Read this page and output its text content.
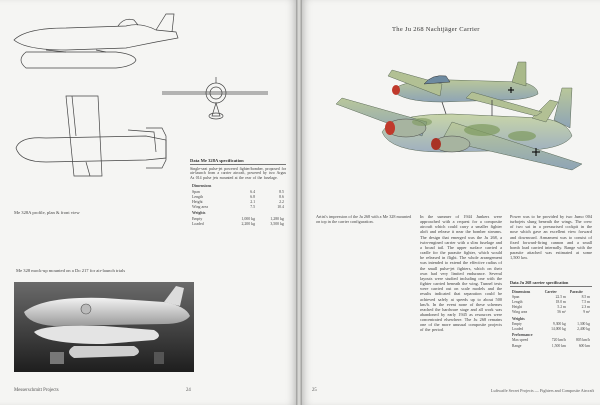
Me 328A profile, plan & front view
Data Me 328A specification
Single-seat pulse-jet powered fighter/bomber, proposed for air-launch from a carrier aircraft, powered by two Argus As 014 pulse jets mounted at the rear of the fuselage.
Dimensions		
Span	6.4	8.5
Length	6.8	8.6
Height	2.1	2.2
Wing area	7.5	10.4
Weights		
Empty	1,000 kg	1,280 kg
Loaded	2,200 kg	3,500 kg
Me 328 mock-up mounted on a Do 217 for air-launch trials
Messerschmitt Projects	24
The Ju 268 Nachtjäger Carrier
Artist's impression of the Ju 268 with a Me 328 mounted on top in the carrier configuration.
In the summer of 1944 Junkers were approached with a request for a composite aircraft which could carry a smaller fighter aloft and release it near the bomber streams. The design that emerged was the Ju 268, a twin-engined carrier with a slim fuselage and a broad tail. The upper surface carried a cradle for the parasite fighter, which would be released in flight. The whole arrangement was intended to extend the effective radius of the small pulse-jet fighters, which on their own had very limited endurance. Several layouts were studied including one with the fighter carried beneath the wing. Tunnel tests were carried out on scale models and the results indicated that separation could be achieved safely at speeds up to about 500 km/h. In the event none of these schemes reached the hardware stage and all work was abandoned by early 1945 as resources were concentrated elsewhere. The Ju 268 remains one of the more unusual composite projects of the period.
Power was to be provided by two Jumo 004 turbojets slung beneath the wings. The crew of two sat in a pressurised cockpit in the nose which gave an excellent view forward and downward. Armament was to consist of fixed forward-firing cannon and a small bomb load carried internally. Range with the parasite attached was estimated at some 1,500 km.
Data Ju 268 carrier specification
Dimensions	Carrier	Parasite
Span	22.5 m	8.5 m
Length	18.0 m	7.5 m
Height	5.2 m	2.3 m
Wing area	56 m²	9 m²
Weights		
Empty	9,300 kg	1,300 kg
Loaded	14,000 kg	2,400 kg
Performance		
Max speed	720 km/h	805 km/h
Range	1,500 km	600 km
25	Luftwaffe Secret Projects — Fighters and Composite Aircraft
